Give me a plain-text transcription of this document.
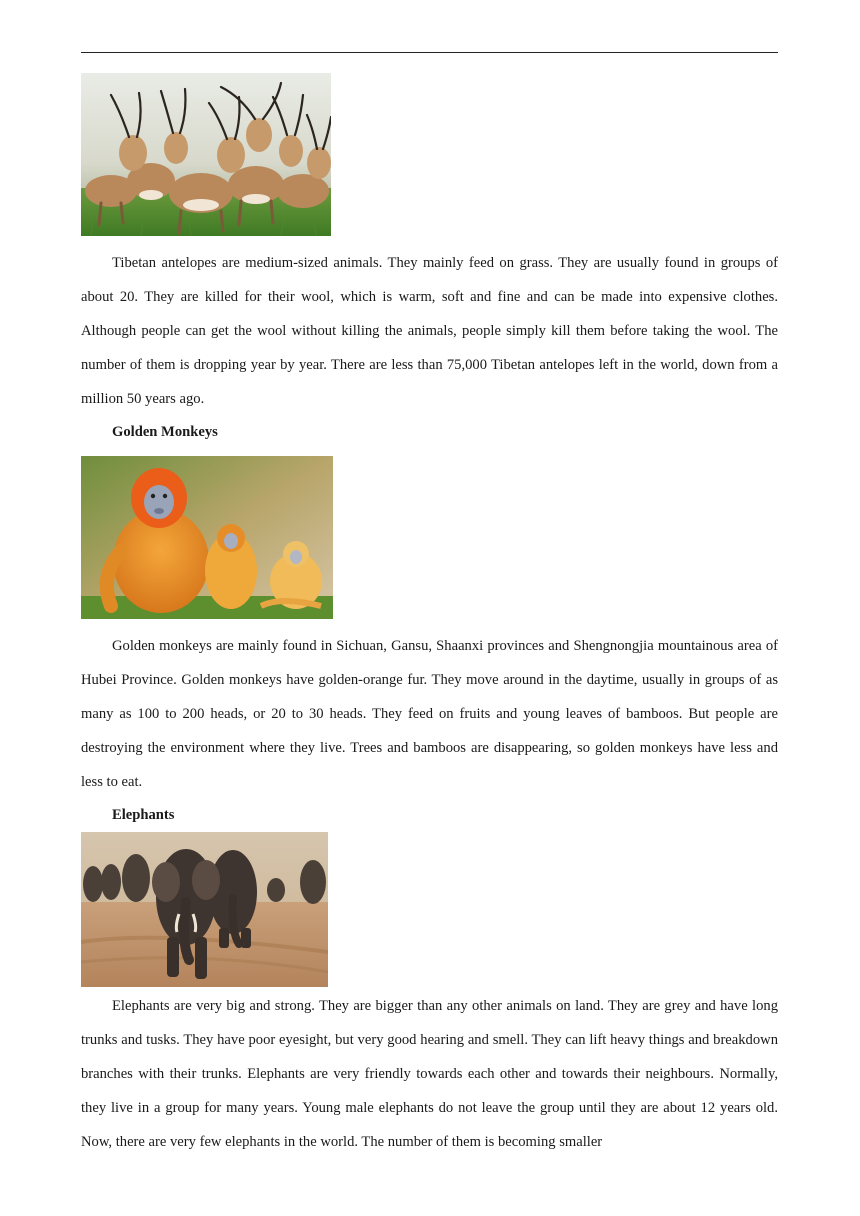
Tibetan antelopes are medium-sized animals. They mainly feed on grass. They are usually found in groups of about 20. They are killed for their wool, which is warm, soft and fine and can be made into expensive clothes. Although people can get the wool without killing the animals, people simply kill them before taking the wool. The number of them is dropping year by year. There are less than 75,000 Tibetan antelopes left in the world, down from a million 50 years ago.

Golden Monkeys

Golden monkeys are mainly found in Sichuan, Gansu, Shaanxi provinces and Shengnongjia mountainous area of Hubei Province. Golden monkeys have golden-orange fur. They move around in the daytime, usually in groups of as many as 100 to 200 heads, or 20 to 30 heads. They feed on fruits and young leaves of bamboos. But people are destroying the environment where they live. Trees and bamboos are disappearing, so golden monkeys have less and less to eat.

Elephants

Elephants are very big and strong. They are bigger than any other animals on land. They are grey and have long trunks and tusks. They have poor eyesight, but very good hearing and smell. They can lift heavy things and breakdown branches with their trunks. Elephants are very friendly towards each other and towards their neighbours. Normally, they live in a group for many years. Young male elephants do not leave the group until they are about 12 years old. Now, there are very few elephants in the world. The number of them is becoming smaller
